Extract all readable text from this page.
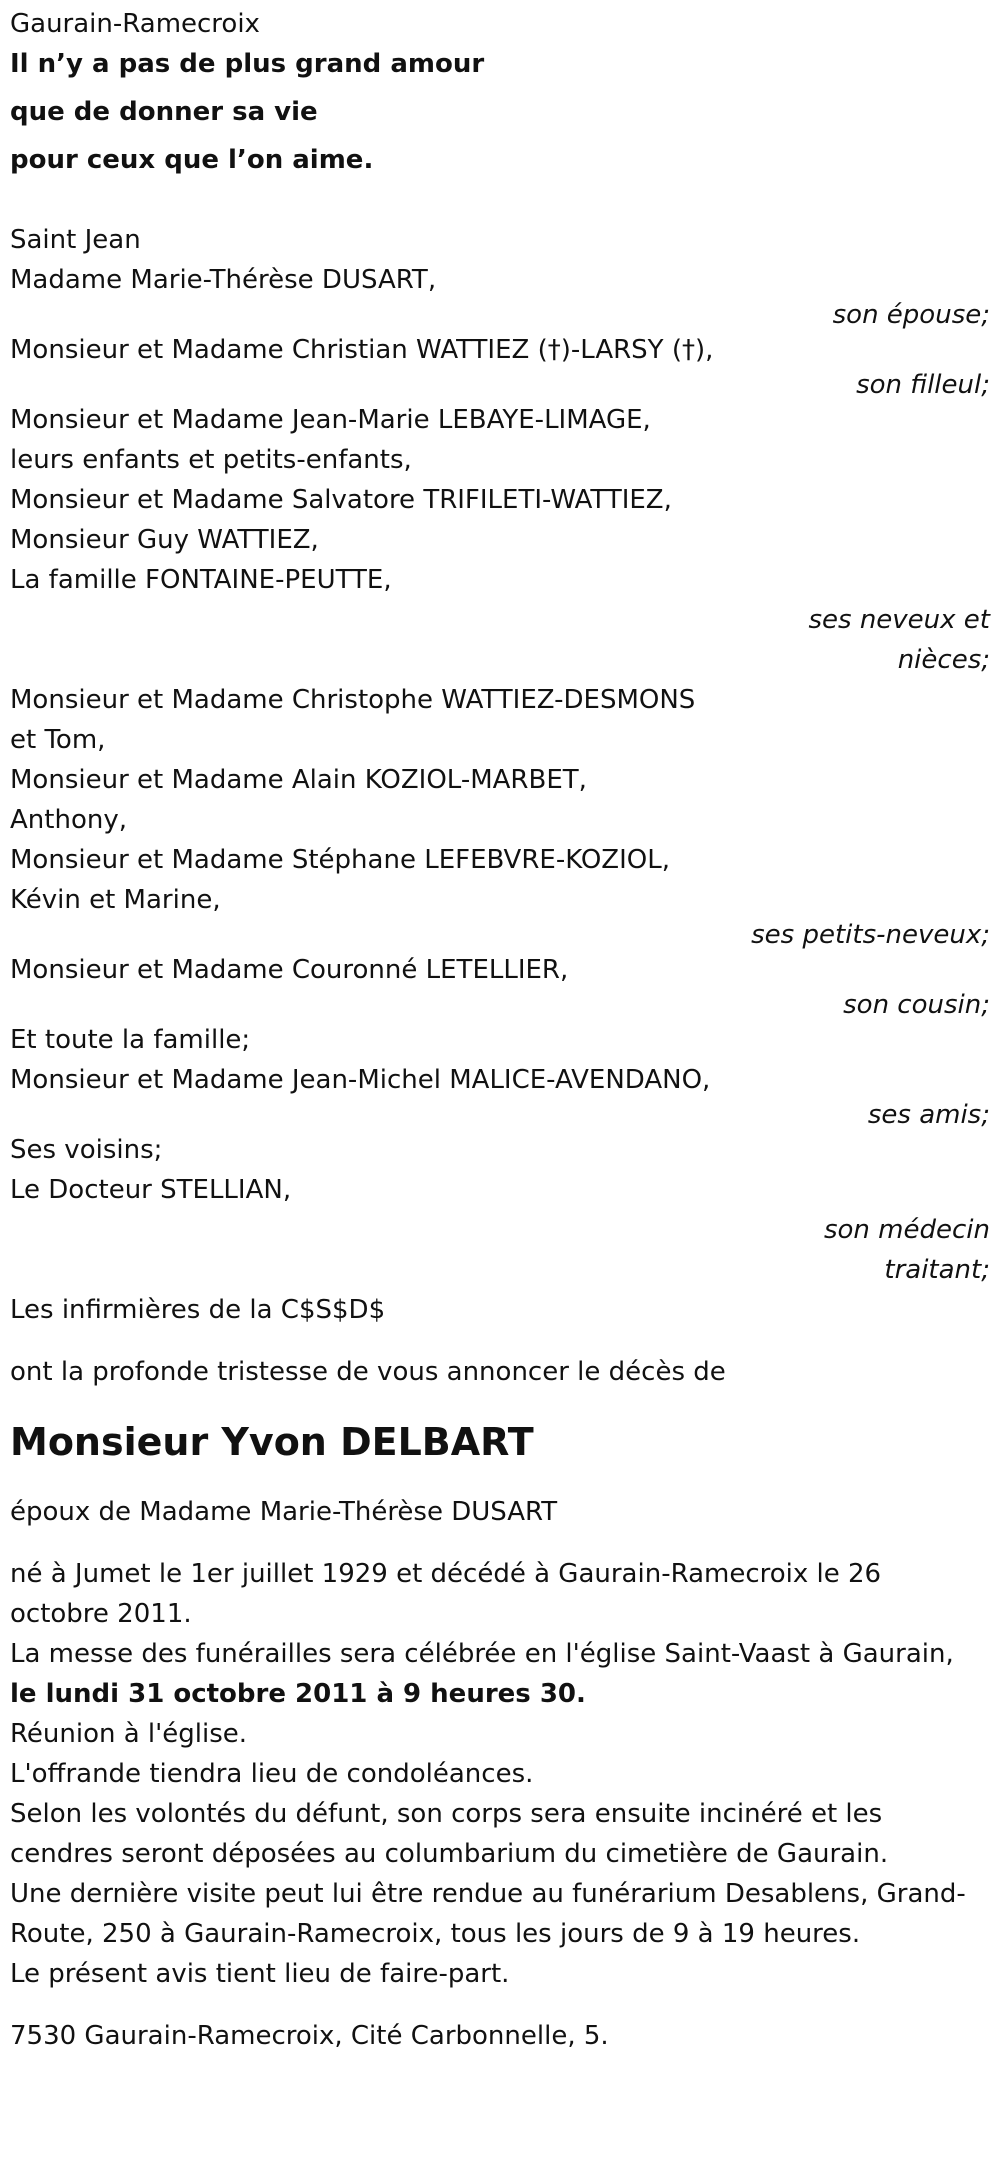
Gaurain-Ramecroix
Il n’y a pas de plus grand amour
que de donner sa vie
pour ceux que l’on aime.
Saint Jean
Madame Marie-Thérèse DUSART,
son épouse;
Monsieur et Madame Christian WATTIEZ (†)-LARSY (†),
son filleul;
Monsieur et Madame Jean-Marie LEBAYE-LIMAGE,
leurs enfants et petits-enfants,
Monsieur et Madame Salvatore TRIFILETI-WATTIEZ,
Monsieur Guy WATTIEZ,
La famille FONTAINE-PEUTTE,
ses neveux et
nièces;
Monsieur et Madame Christophe WATTIEZ-DESMONS
et Tom,
Monsieur et Madame Alain KOZIOL-MARBET,
Anthony,
Monsieur et Madame Stéphane LEFEBVRE-KOZIOL,
Kévin et Marine,
ses petits-neveux;
Monsieur et Madame Couronné LETELLIER,
son cousin;
Et toute la famille;
Monsieur et Madame Jean-Michel MALICE-AVENDANO,
ses amis;
Ses voisins;
Le Docteur STELLIAN,
son médecin
traitant;
Les infirmières de la C$S$D$
ont la profonde tristesse de vous annoncer le décès de
Monsieur Yvon DELBART
époux de Madame Marie-Thérèse DUSART
né à Jumet le 1er juillet 1929 et décédé à Gaurain-Ramecroix le 26
octobre 2011.
La messe des funérailles sera célébrée en l'église Saint-Vaast à Gaurain,
le lundi 31 octobre 2011 à 9 heures 30.
Réunion à l'église.
L'offrande tiendra lieu de condoléances.
Selon les volontés du défunt, son corps sera ensuite incinéré et les
cendres seront déposées au columbarium du cimetière de Gaurain.
Une dernière visite peut lui être rendue au funérarium Desablens, Grand-
Route, 250 à Gaurain-Ramecroix, tous les jours de 9 à 19 heures.
Le présent avis tient lieu de faire-part.
7530 Gaurain-Ramecroix, Cité Carbonnelle, 5.
